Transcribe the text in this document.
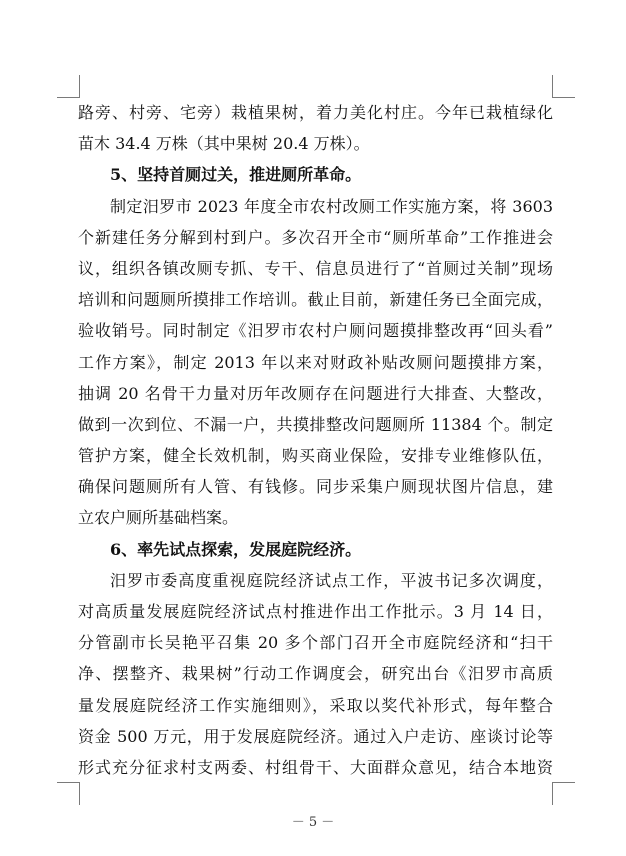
路旁、村旁、宅旁）栽植果树，着力美化村庄。今年已栽植绿化
苗木 34.4 万株（其中果树 20.4 万株）。
5、坚持首厕过关，推进厕所革命。
制定汨罗市 2023 年度全市农村改厕工作实施方案，将 3603
个新建任务分解到村到户。多次召开全市“厕所革命”工作推进会
议，组织各镇改厕专抓、专干、信息员进行了“首厕过关制”现场
培训和问题厕所摸排工作培训。截止目前，新建任务已全面完成，
验收销号。同时制定《汨罗市农村户厕问题摸排整改再“回头看”
工作方案》，制定 2013 年以来对财政补贴改厕问题摸排方案，
抽调 20 名骨干力量对历年改厕存在问题进行大排查、大整改，
做到一次到位、不漏一户，共摸排整改问题厕所 11384 个。制定
管护方案，健全长效机制，购买商业保险，安排专业维修队伍，
确保问题厕所有人管、有钱修。同步采集户厕现状图片信息，建
立农户厕所基础档案。
6、率先试点探索，发展庭院经济。
汨罗市委高度重视庭院经济试点工作，平波书记多次调度，
对高质量发展庭院经济试点村推进作出工作批示。3 月 14 日，
分管副市长吴艳平召集 20 多个部门召开全市庭院经济和“扫干
净、摆整齐、栽果树”行动工作调度会，研究出台《汨罗市高质
量发展庭院经济工作实施细则》，采取以奖代补形式，每年整合
资金 500 万元，用于发展庭院经济。通过入户走访、座谈讨论等
形式充分征求村支两委、村组骨干、大面群众意见，结合本地资
－ 5 －
